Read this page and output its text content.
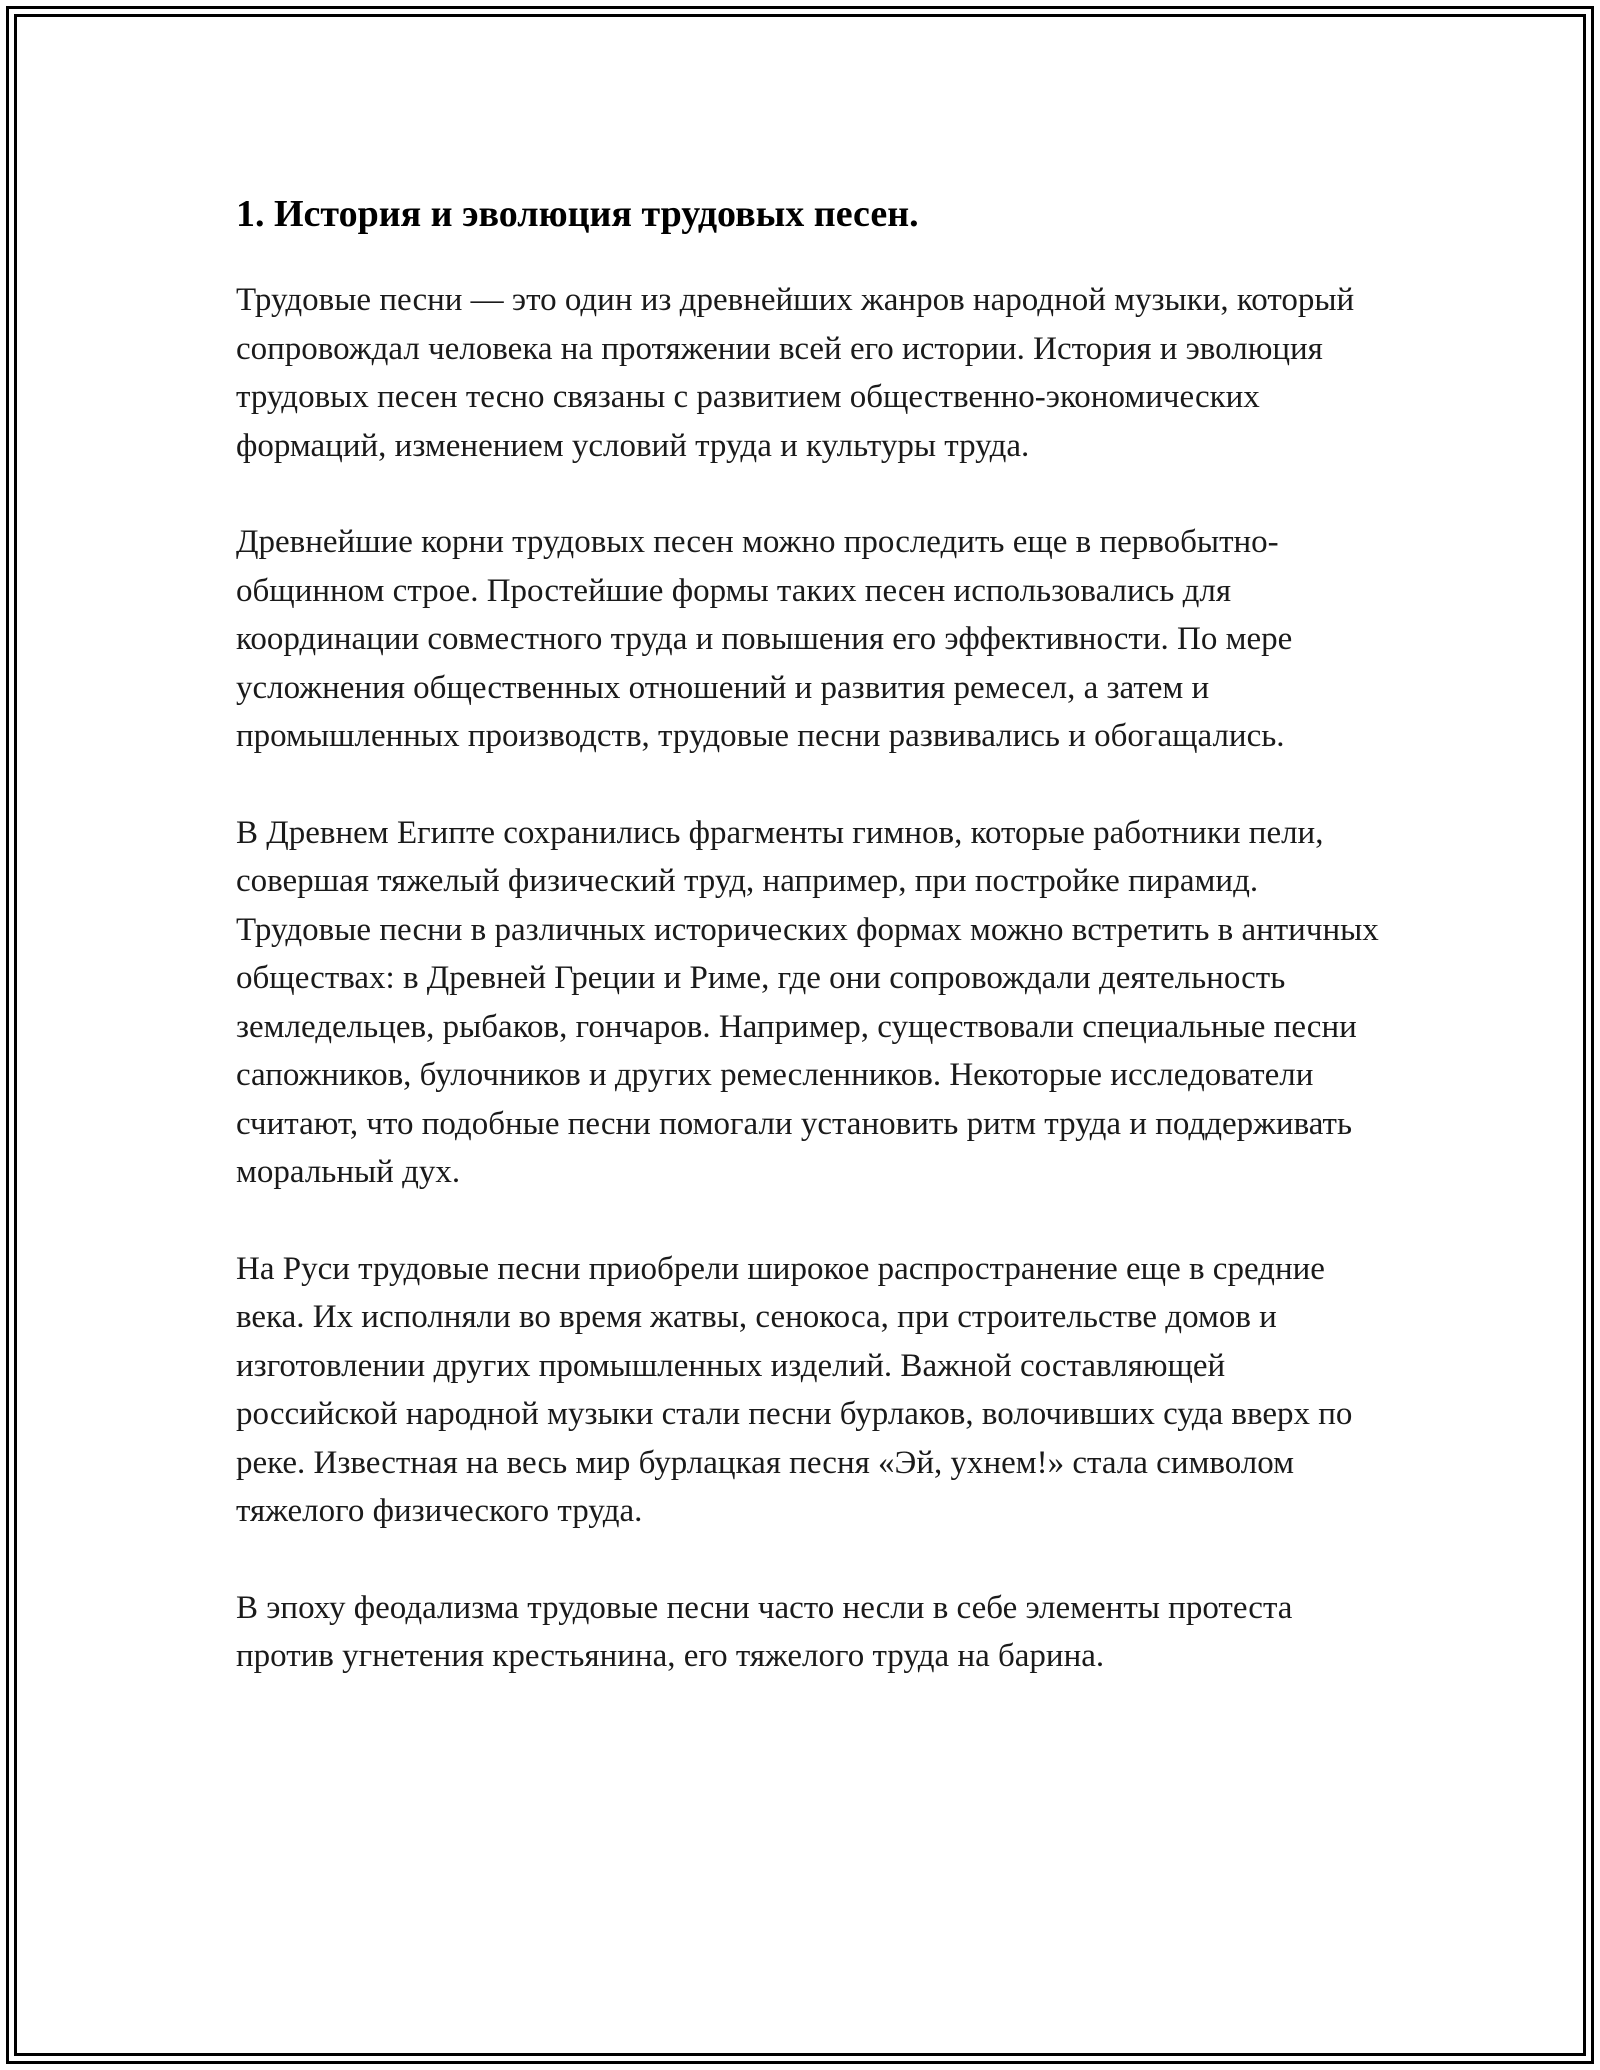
1. История и эволюция трудовых песен.

Трудовые песни — это один из древнейших жанров народной музыки, который сопровождал человека на протяжении всей его истории. История и эволюция трудовых песен тесно связаны с развитием общественно-экономических формаций, изменением условий труда и культуры труда.

Древнейшие корни трудовых песен можно проследить еще в первобытно-общинном строе. Простейшие формы таких песен использовались для координации совместного труда и повышения его эффективности. По мере усложнения общественных отношений и развития ремесел, а затем и промышленных производств, трудовые песни развивались и обогащались.

В Древнем Египте сохранились фрагменты гимнов, которые работники пели, совершая тяжелый физический труд, например, при постройке пирамид. Трудовые песни в различных исторических формах можно встретить в античных обществах: в Древней Греции и Риме, где они сопровождали деятельность земледельцев, рыбаков, гончаров. Например, существовали специальные песни сапожников, булочников и других ремесленников. Некоторые исследователи считают, что подобные песни помогали установить ритм труда и поддерживать моральный дух.

На Руси трудовые песни приобрели широкое распространение еще в средние века. Их исполняли во время жатвы, сенокоса, при строительстве домов и изготовлении других промышленных изделий. Важной составляющей российской народной музыки стали песни бурлаков, волочивших суда вверх по реке. Известная на весь мир бурлацкая песня «Эй, ухнем!» стала символом тяжелого физического труда.

В эпоху феодализма трудовые песни часто несли в себе элементы протеста против угнетения крестьянина, его тяжелого труда на барина.
